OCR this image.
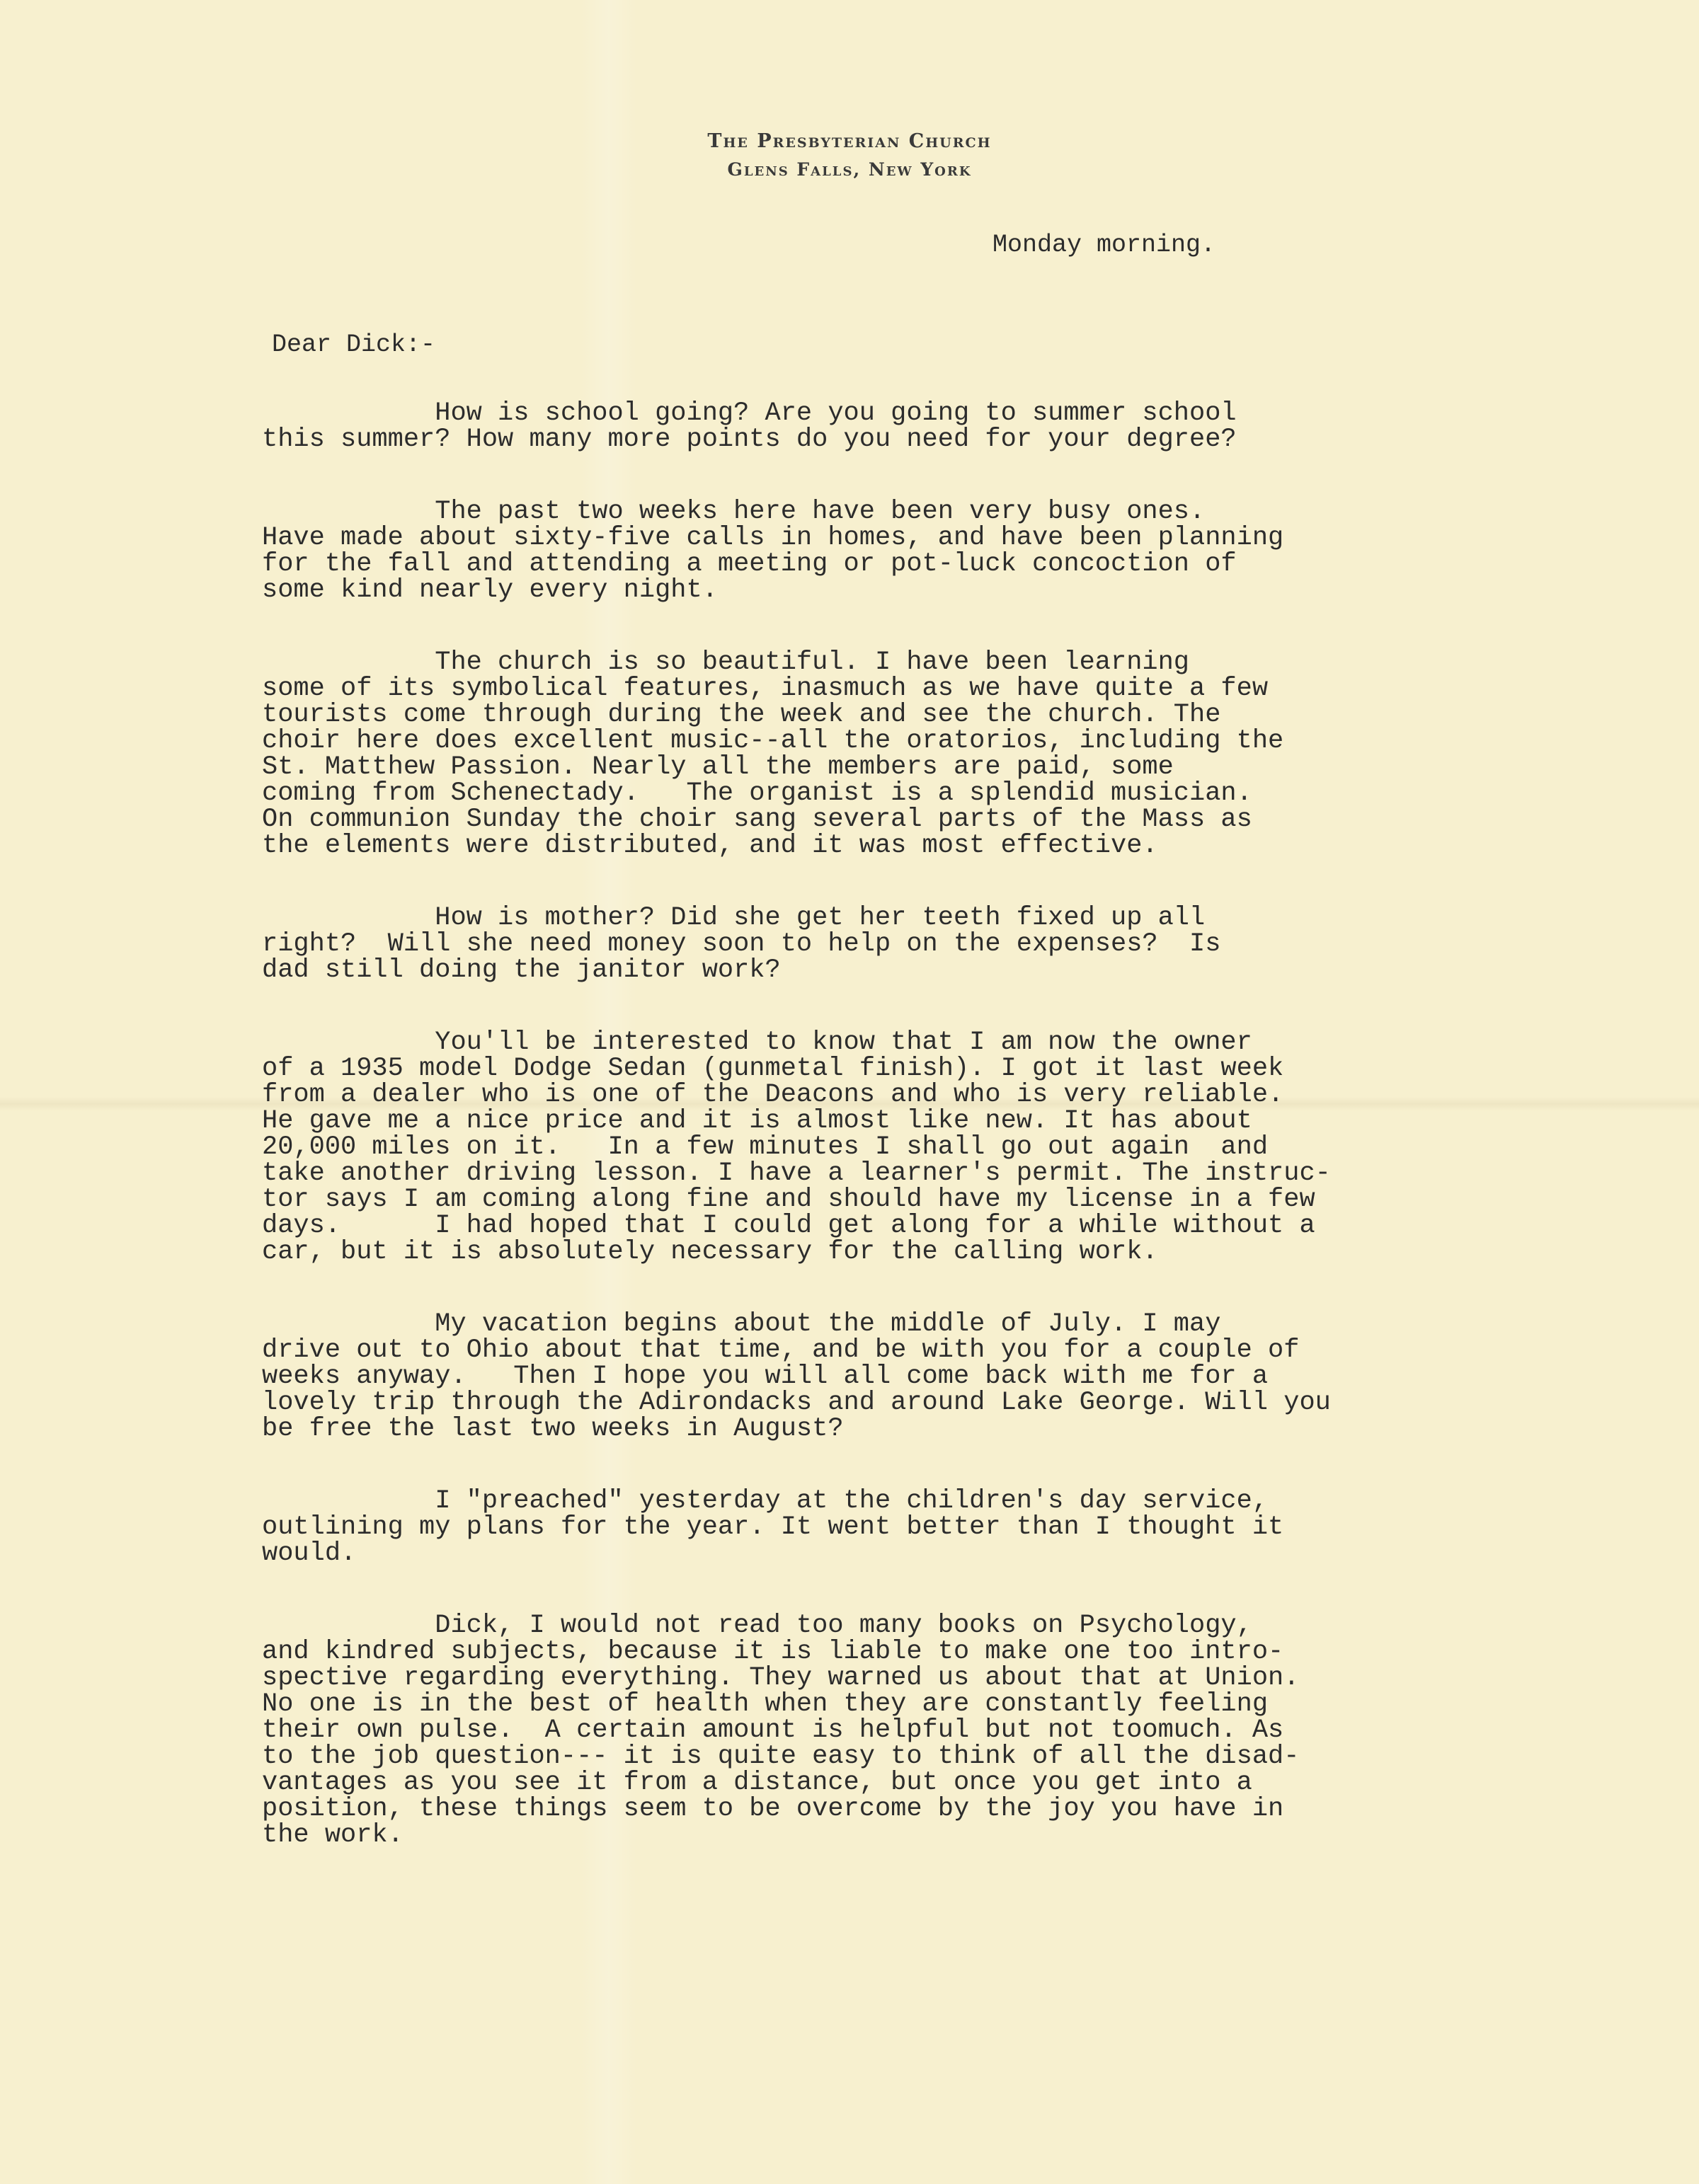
The Presbyterian Church
Glens Falls, New York
Monday morning.
Dear Dick:-
How is school going? Are you going to summer school
this summer? How many more points do you need for your degree?
The past two weeks here have been very busy ones.
Have made about sixty-five calls in homes, and have been planning
for the fall and attending a meeting or pot-luck concoction of
some kind nearly every night.
The church is so beautiful. I have been learning
some of its symbolical features, inasmuch as we have quite a few
tourists come through during the week and see the church. The
choir here does excellent music--all the oratorios, including the
St. Matthew Passion. Nearly all the members are paid, some
coming from Schenectady.   The organist is a splendid musician.
On communion Sunday the choir sang several parts of the Mass as
the elements were distributed, and it was most effective.
How is mother? Did she get her teeth fixed up all
right?  Will she need money soon to help on the expenses?  Is
dad still doing the janitor work?
You'll be interested to know that I am now the owner
of a 1935 model Dodge Sedan (gunmetal finish). I got it last week
from a dealer who is one of the Deacons and who is very reliable.
He gave me a nice price and it is almost like new. It has about
20,000 miles on it.   In a few minutes I shall go out again  and
take another driving lesson. I have a learner's permit. The instruc-
tor says I am coming along fine and should have my license in a few
days.      I had hoped that I could get along for a while without a
car, but it is absolutely necessary for the calling work.
My vacation begins about the middle of July. I may
drive out to Ohio about that time, and be with you for a couple of
weeks anyway.   Then I hope you will all come back with me for a
lovely trip through the Adirondacks and around Lake George. Will you
be free the last two weeks in August?
I "preached" yesterday at the children's day service,
outlining my plans for the year. It went better than I thought it
would.
Dick, I would not read too many books on Psychology,
and kindred subjects, because it is liable to make one too intro-
spective regarding everything. They warned us about that at Union.
No one is in the best of health when they are constantly feeling
their own pulse.  A certain amount is helpful but not toomuch. As
to the job question--- it is quite easy to think of all the disad-
vantages as you see it from a distance, but once you get into a
position, these things seem to be overcome by the joy you have in
the work.
